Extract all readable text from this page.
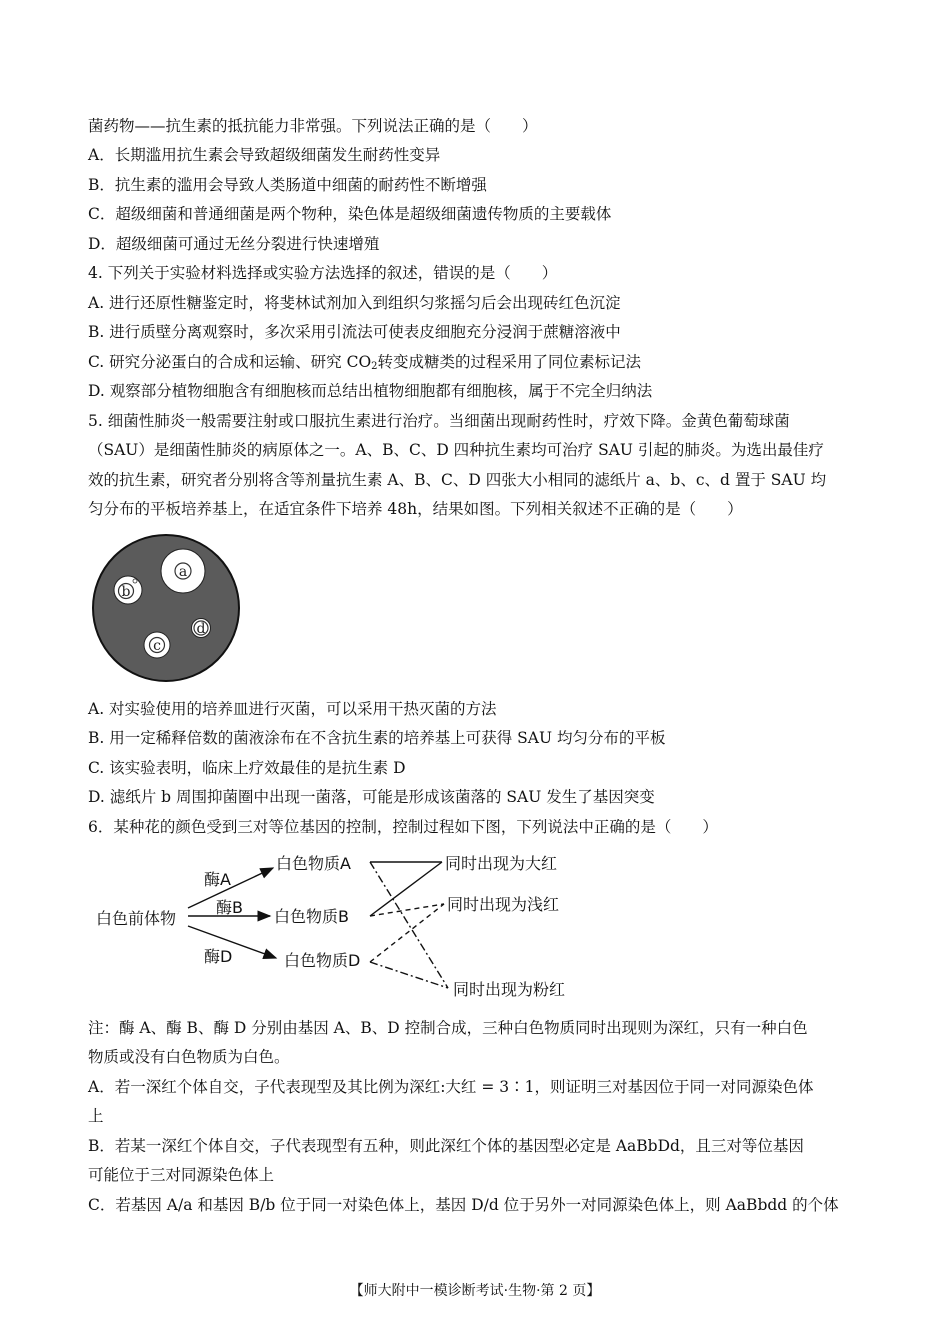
菌药物——抗生素的抵抗能力非常强。下列说法正确的是（　　）
A．长期滥用抗生素会导致超级细菌发生耐药性变异
B．抗生素的滥用会导致人类肠道中细菌的耐药性不断增强
C．超级细菌和普通细菌是两个物种，染色体是超级细菌遗传物质的主要载体
D．超级细菌可通过无丝分裂进行快速增殖
4. 下列关于实验材料选择或实验方法选择的叙述，错误的是（　　）
A. 进行还原性糖鉴定时，将斐林试剂加入到组织匀浆摇匀后会出现砖红色沉淀
B. 进行质壁分离观察时，多次采用引流法可使表皮细胞充分浸润于蔗糖溶液中
C. 研究分泌蛋白的合成和运输、研究 $CO_2$转变成糖类的过程采用了同位素标记法
D. 观察部分植物细胞含有细胞核而总结出植物细胞都有细胞核，属于不完全归纳法
5. 细菌性肺炎一般需要注射或口服抗生素进行治疗。当细菌出现耐药性时，疗效下降。金黄色葡萄球菌
（SAU）是细菌性肺炎的病原体之一。A、B、C、D 四种抗生素均可治疗 SAU 引起的肺炎。为选出最佳疗
效的抗生素，研究者分别将含等剂量抗生素 A、B、C、D 四张大小相同的滤纸片 a、b、c、d 置于 SAU 均
匀分布的平板培养基上，在适宜条件下培养 48h，结果如图。下列相关叙述不正确的是（　　）
a
b
c
d
A. 对实验使用的培养皿进行灭菌，可以采用干热灭菌的方法
B. 用一定稀释倍数的菌液涂布在不含抗生素的培养基上可获得 SAU 均匀分布的平板
C. 该实验表明，临床上疗效最佳的是抗生素 D
D. 滤纸片 b 周围抑菌圈中出现一菌落，可能是形成该菌落的 SAU 发生了基因突变
6．某种花的颜色受到三对等位基因的控制，控制过程如下图，下列说法中正确的是（　　）
白色前体物
酶A
酶B
酶D
白色物质A
白色物质B
白色物质D
同时出现为大红
同时出现为浅红
同时出现为粉红
注：酶 A、酶 B、酶 D 分别由基因 A、B、D 控制合成，三种白色物质同时出现则为深红，只有一种白色
物质或没有白色物质为白色。
A．若一深红个体自交，子代表现型及其比例为深红:大红 = 3∶1，则证明三对基因位于同一对同源染色体
上
B．若某一深红个体自交，子代表现型有五种，则此深红个体的基因型必定是 AaBbDd，且三对等位基因
可能位于三对同源染色体上
C．若基因 A/a 和基因 B/b 位于同一对染色体上，基因 D/d 位于另外一对同源染色体上，则 AaBbdd 的个体
【师大附中一模诊断考试·生物·第 2 页】
